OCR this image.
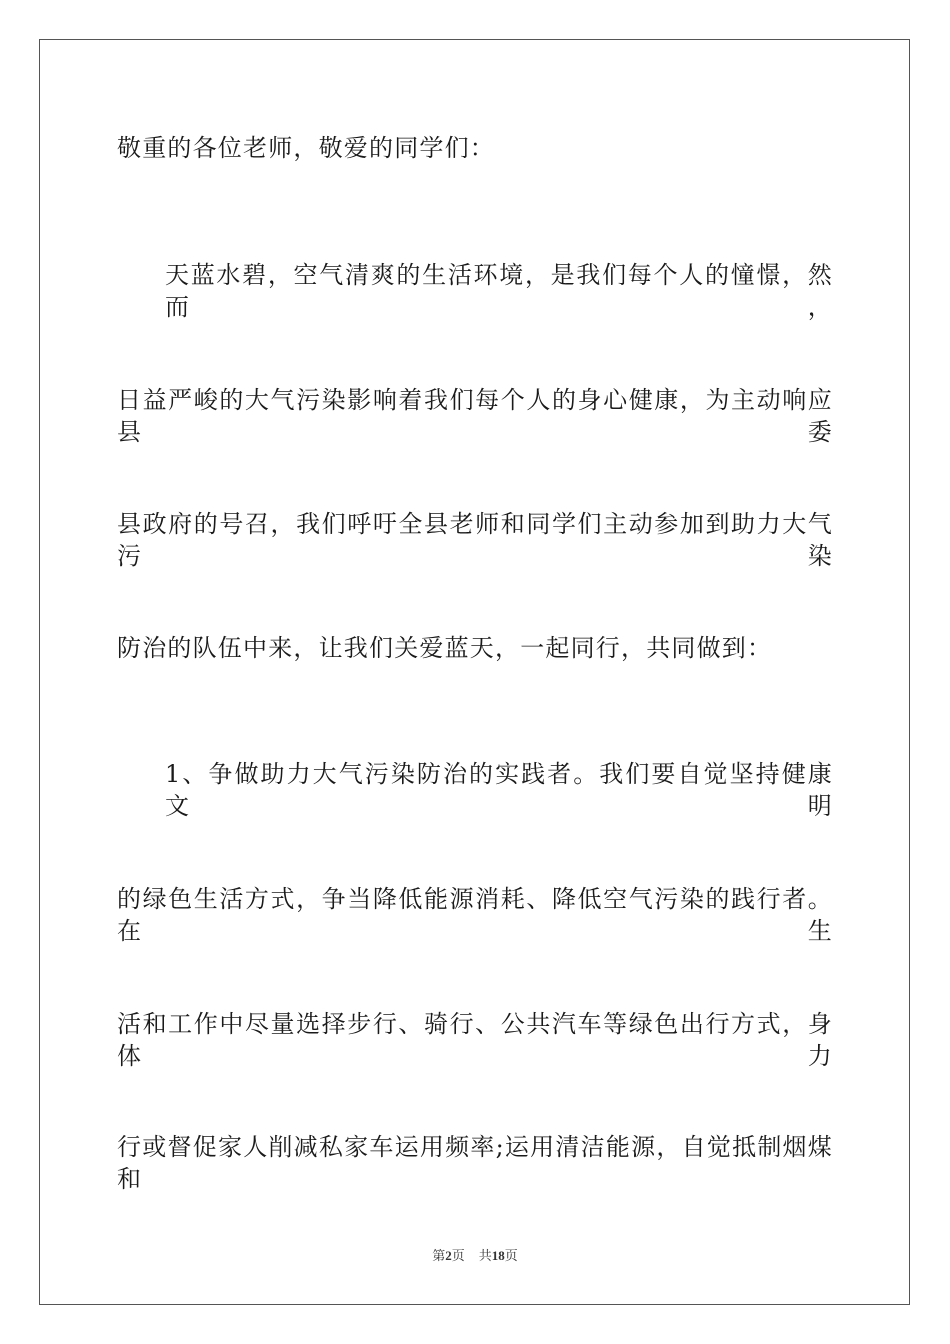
敬重的各位老师，敬爱的同学们：
天蓝水碧，空气清爽的生活环境，是我们每个人的憧憬，然而，
日益严峻的大气污染影响着我们每个人的身心健康，为主动响应县委
县政府的号召，我们呼吁全县老师和同学们主动参加到助力大气污染
防治的队伍中来，让我们关爱蓝天，一起同行，共同做到：
1、争做助力大气污染防治的实践者。我们要自觉坚持健康文明
的绿色生活方式，争当降低能源消耗、降低空气污染的践行者。在生
活和工作中尽量选择步行、骑行、公共汽车等绿色出行方式，身体力
行或督促家人削减私家车运用频率;运用清洁能源，自觉抵制烟煤和
第2页 共18页
